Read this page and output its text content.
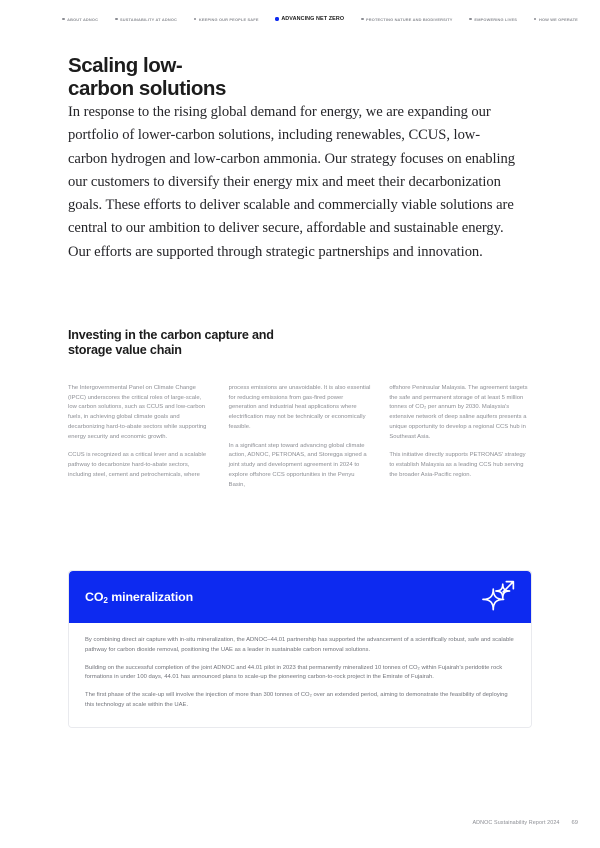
ABOUT ADNOC	SUSTAINABILITY AT ADNOC	KEEPING OUR PEOPLE SAFE	ADVANCING NET ZERO	PROTECTING NATURE AND BIODIVERSITY	EMPOWERING LIVES	HOW WE OPERATE
Scaling low-
carbon solutions

In response to the rising global demand for energy, we are expanding our portfolio of lower-carbon solutions, including renewables, CCUS, low-carbon hydrogen and low-carbon ammonia. Our strategy focuses on enabling our customers to diversify their energy mix and meet their decarbonization goals. These efforts to deliver scalable and commercially viable solutions are central to our ambition to deliver secure, affordable and sustainable energy. Our efforts are supported through strategic partnerships and innovation.

Investing in the carbon capture and storage value chain

The Intergovernmental Panel on Climate Change (IPCC) underscores the critical roles of large-scale, low carbon solutions, such as CCUS and low-carbon fuels, in achieving global climate goals and decarbonizing hard-to-abate sectors while supporting energy security and economic growth.

CCUS is recognized as a critical lever and a scalable pathway to decarbonize hard-to-abate sectors, including steel, cement and petrochemicals, where

process emissions are unavoidable. It is also essential for reducing emissions from gas-fired power generation and industrial heat applications where electrification may not be technically or economically feasible.

In a significant step toward advancing global climate action, ADNOC, PETRONAS, and Storegga signed a joint study and development agreement in 2024 to explore offshore CCS opportunities in the Penyu Basin,

offshore Peninsular Malaysia. The agreement targets the safe and permanent storage of at least 5 million tonnes of CO₂ per annum by 2030. Malaysia's extensive network of deep saline aquifers presents a unique opportunity to develop a regional CCS hub in Southeast Asia.

This initiative directly supports PETRONAS' strategy to establish Malaysia as a leading CCS hub serving the broader Asia-Pacific region.

$CO_2$ mineralization

By combining direct air capture with in-situ mineralization, the ADNOC–44.01 partnership has supported the advancement of a scientifically robust, safe and scalable pathway for carbon dioxide removal, positioning the UAE as a leader in sustainable carbon removal solutions.

Building on the successful completion of the joint ADNOC and 44.01 pilot in 2023 that permanently mineralized 10 tonnes of CO₂ within Fujairah's peridotite rock formations in under 100 days, 44.01 has announced plans to scale-up the pioneering carbon-to-rock project in the Emirate of Fujairah.

The first phase of the scale-up will involve the injection of more than 300 tonnes of CO₂ over an extended period, aiming to demonstrate the feasibility of deploying this technology at scale within the UAE.

ADNOC Sustainability Report 2024 69
